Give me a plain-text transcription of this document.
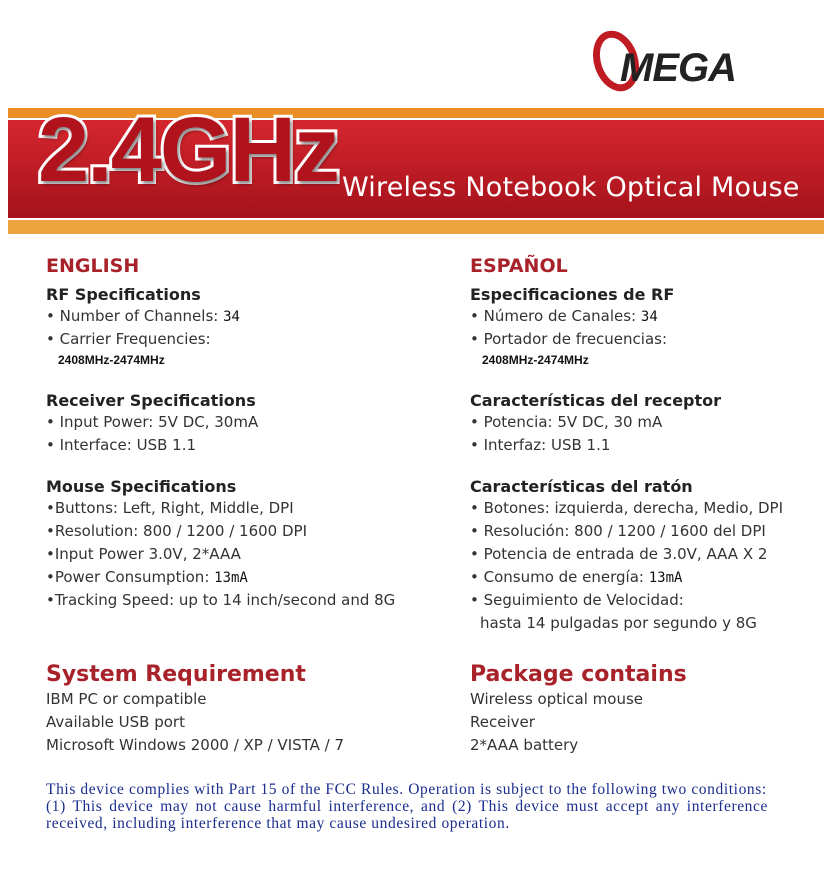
MEGA
2.4GHz Wireless Notebook Optical Mouse
ENGLISH
RF Specifications
• Number of Channels: 34
• Carrier Frequencies:
2408MHz-2474MHz
Receiver Specifications
• Input Power: 5V DC, 30mA
• Interface: USB 1.1
Mouse Specifications
•Buttons: Left, Right, Middle, DPI
•Resolution: 800 / 1200 / 1600 DPI
•Input Power 3.0V, 2*AAA
•Power Consumption: 13mA
•Tracking Speed: up to 14 inch/second and 8G
System Requirement
IBM PC or compatible
Available USB port
Microsoft Windows 2000 / XP / VISTA / 7
ESPAÑOL
Especificaciones de RF
• Número de Canales: 34
• Portador de frecuencias:
2408MHz-2474MHz
Características del receptor
• Potencia: 5V DC, 30 mA
• Interfaz: USB 1.1
Características del ratón
• Botones: izquierda, derecha, Medio, DPI
• Resolución: 800 / 1200 / 1600 del DPI
• Potencia de entrada de 3.0V, AAA X 2
• Consumo de energía: 13mA
• Seguimiento de Velocidad:
hasta 14 pulgadas por segundo y 8G
Package contains
Wireless optical mouse
Receiver
2*AAA battery
This device complies with Part 15 of the FCC Rules. Operation is subject to the following two conditions:
(1) This device may not cause harmful interference, and (2) This device must accept any interference received, including interference that may cause undesired operation.
